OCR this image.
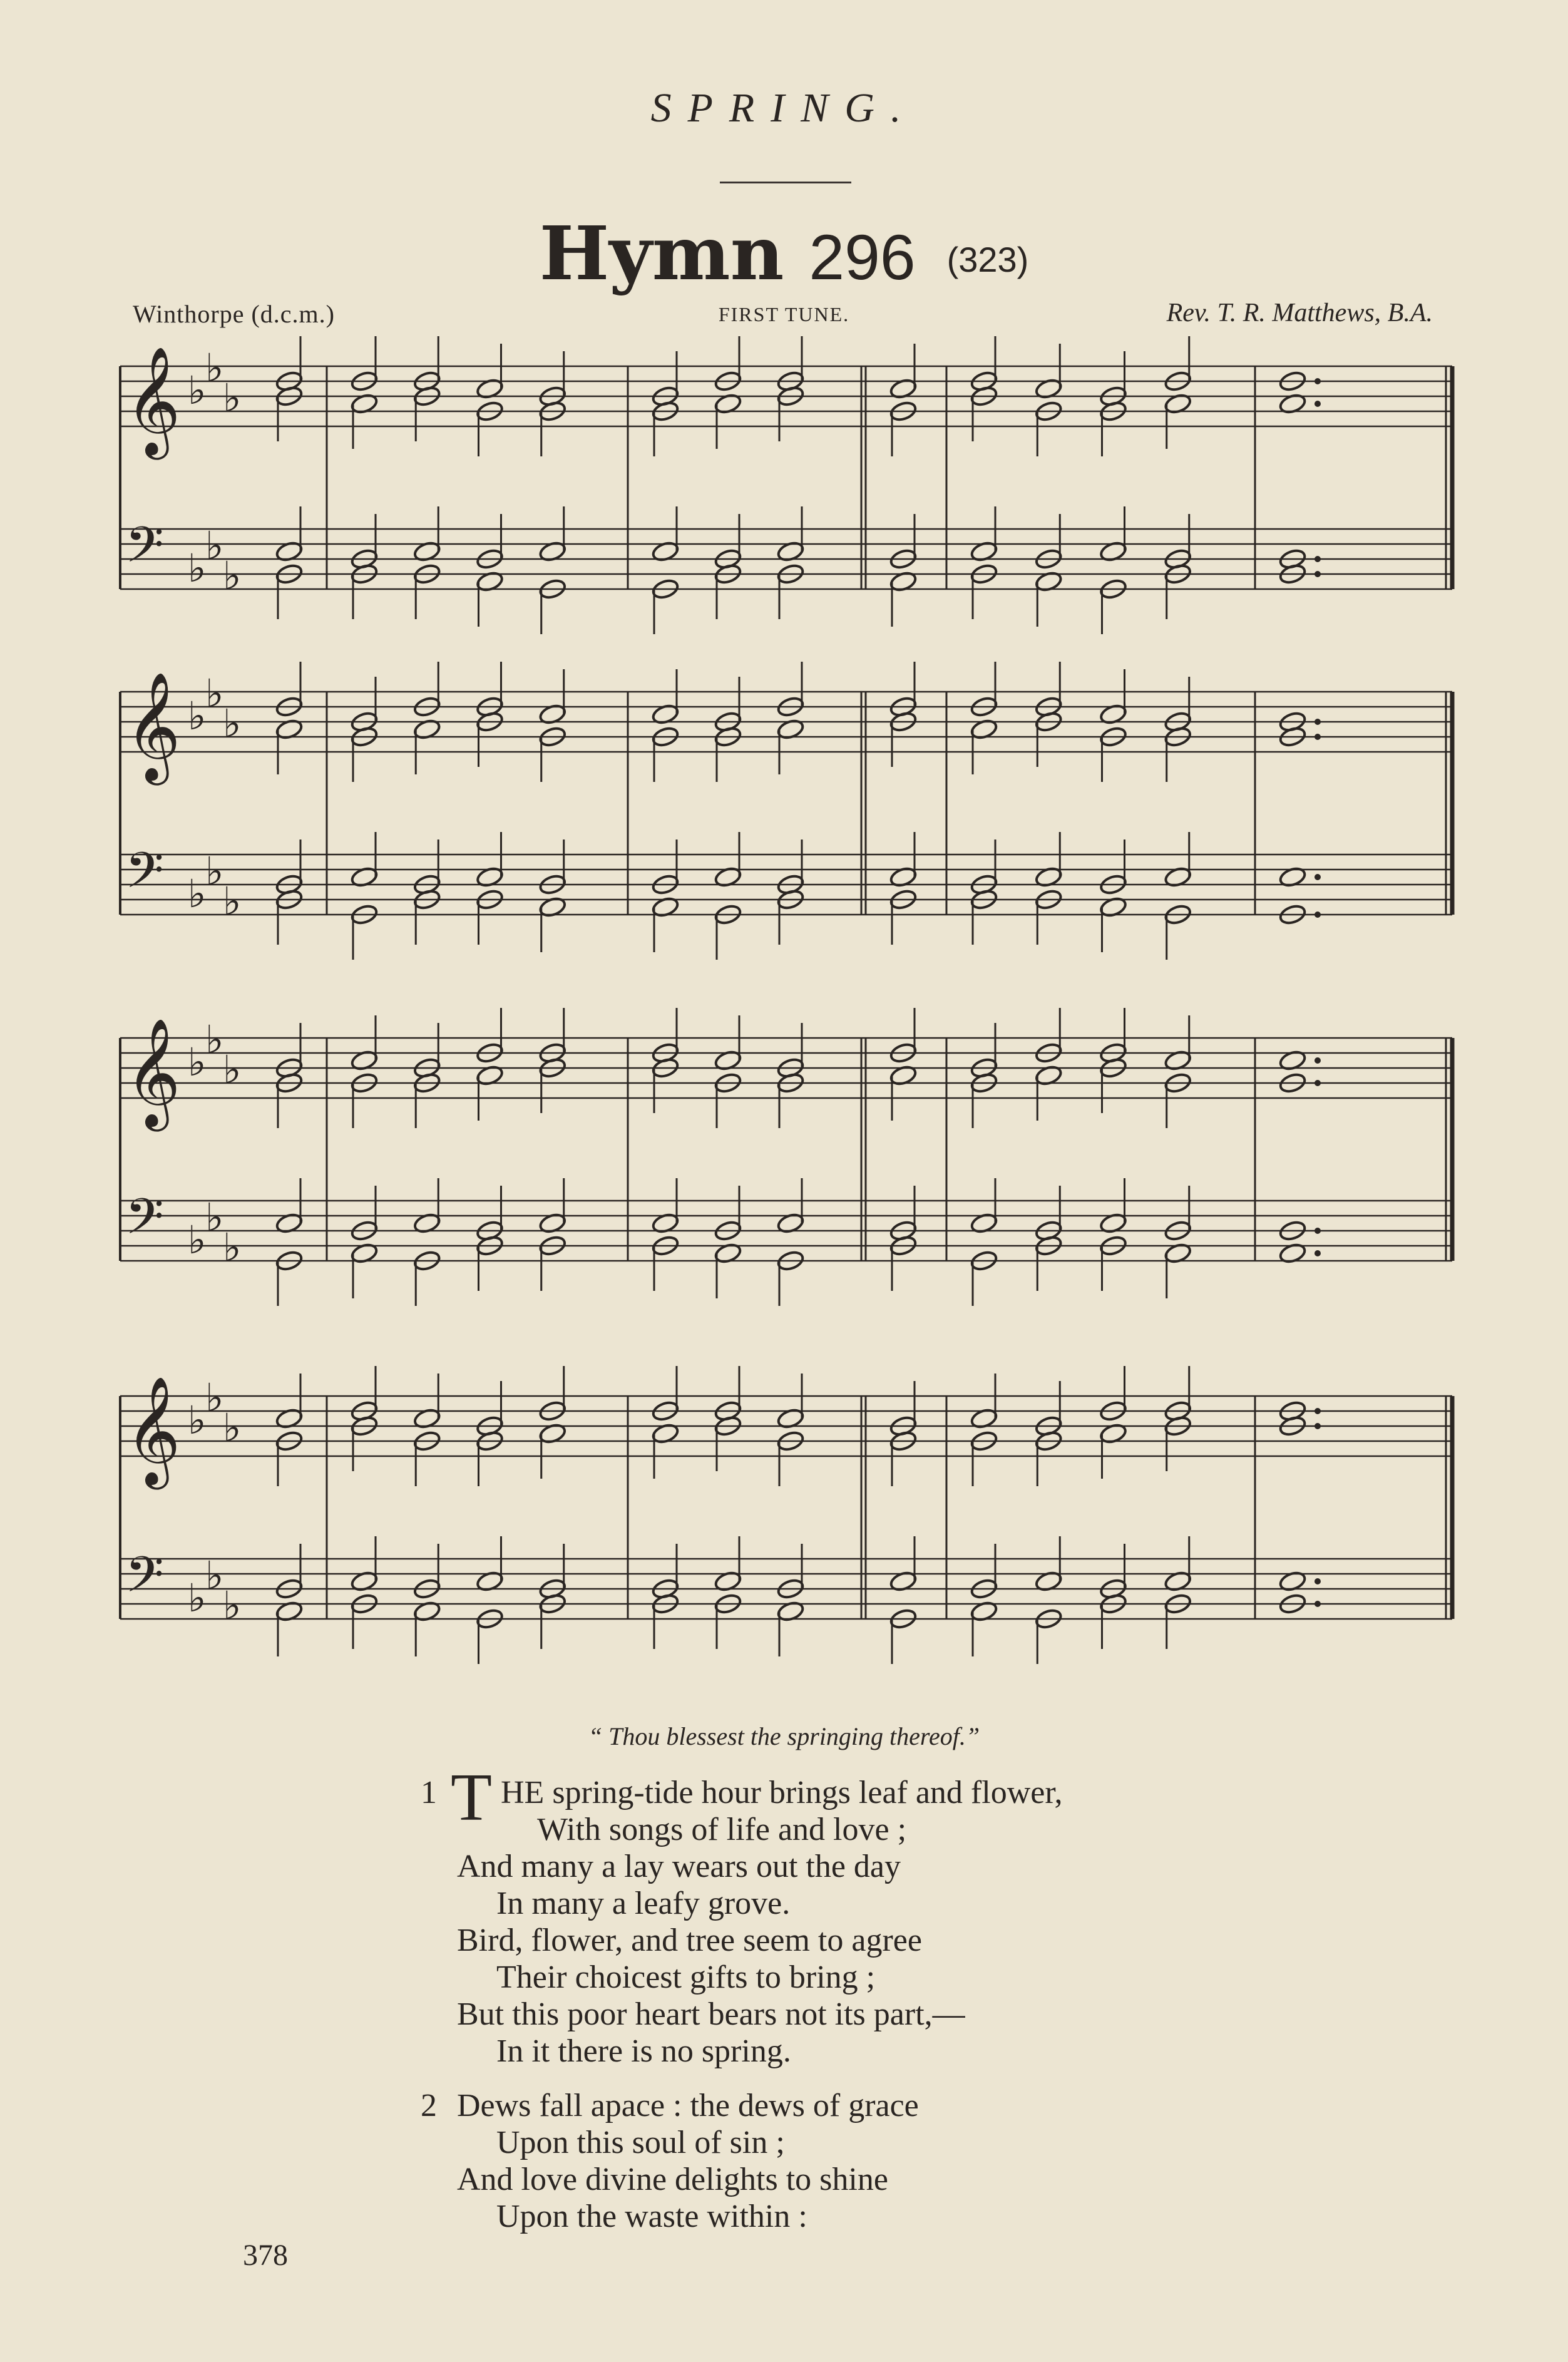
SPRING.
Hymn 296 (323)
Winthorpe (d.c.m.)	FIRST TUNE.	Rev. T. R. Matthews, B.A.
𝄞
𝄢
♭
♭
♭
♭
♭
♭
𝄞
𝄢
♭
♭
♭
♭
♭
♭
𝄞
𝄢
♭
♭
♭
♭
♭
♭
𝄞
𝄢
♭
♭
♭
♭
♭
♭
“ Thou blessest the springing thereof.”
T
1
2
HE spring-tide hour brings leaf and flower,
With songs of life and love ;
And many a lay wears out the day
In many a leafy grove.
Bird, flower, and tree seem to agree
Their choicest gifts to bring ;
But this poor heart bears not its part,—
In it there is no spring.
Dews fall apace : the dews of grace
Upon this soul of sin ;
And love divine delights to shine
Upon the waste within :
378
